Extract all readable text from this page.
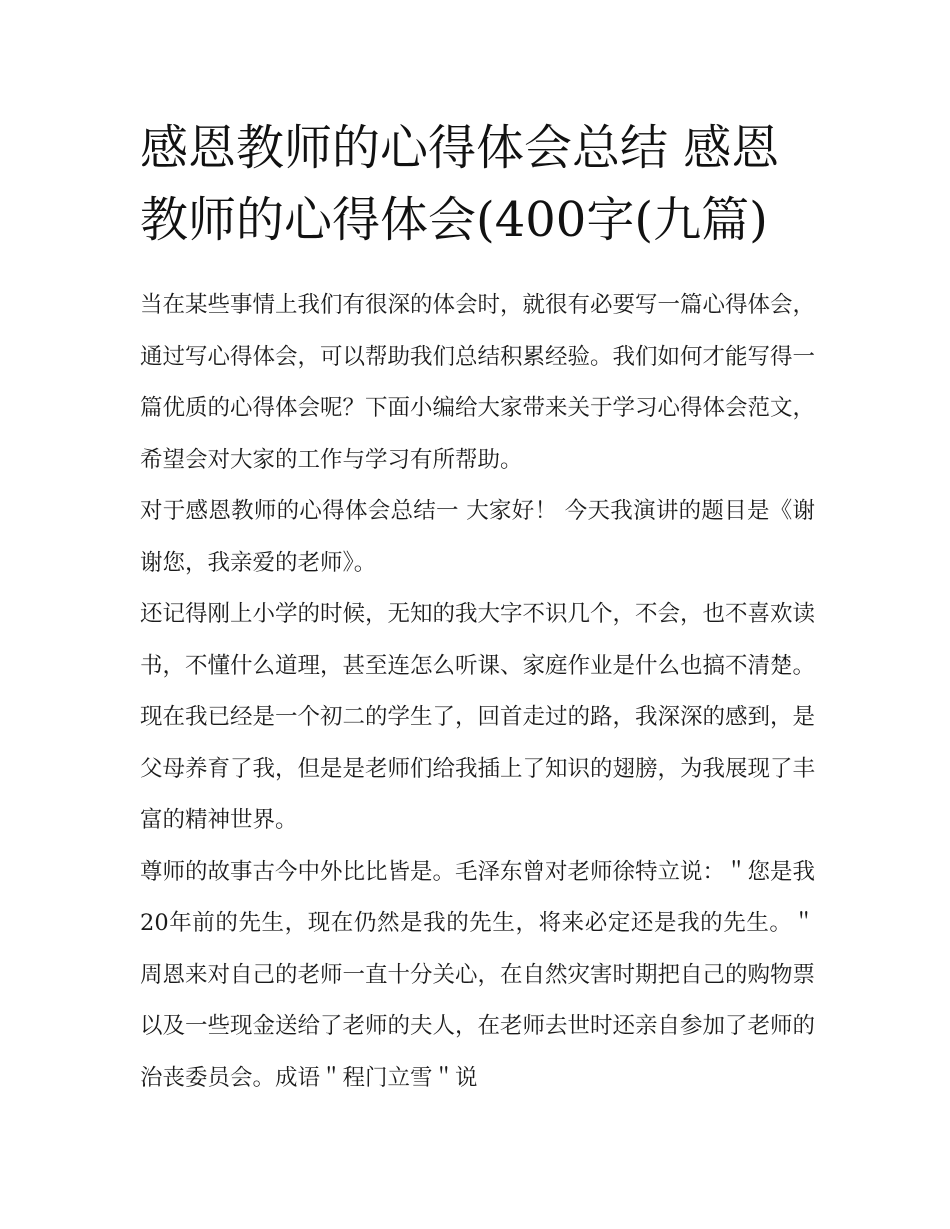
感恩教师的心得体会总结 感恩教师的心得体会(400字(九篇)

当在某些事情上我们有很深的体会时，就很有必要写一篇心得体会，通过写心得体会，可以帮助我们总结积累经验。我们如何才能写得一篇优质的心得体会呢？下面小编给大家带来关于学习心得体会范文，希望会对大家的工作与学习有所帮助。

对于感恩教师的心得体会总结一 大家好！ 今天我演讲的题目是《谢谢您，我亲爱的老师》。

还记得刚上小学的时候，无知的我大字不识几个，不会，也不喜欢读书，不懂什么道理，甚至连怎么听课、家庭作业是什么也搞不清楚。现在我已经是一个初二的学生了，回首走过的路，我深深的感到，是父母养育了我，但是是老师们给我插上了知识的翅膀，为我展现了丰富的精神世界。

尊师的故事古今中外比比皆是。毛泽东曾对老师徐特立说：＂您是我20年前的先生，现在仍然是我的先生，将来必定还是我的先生。＂周恩来对自己的老师一直十分关心，在自然灾害时期把自己的购物票以及一些现金送给了老师的夫人，在老师去世时还亲自参加了老师的治丧委员会。成语＂程门立雪＂说
